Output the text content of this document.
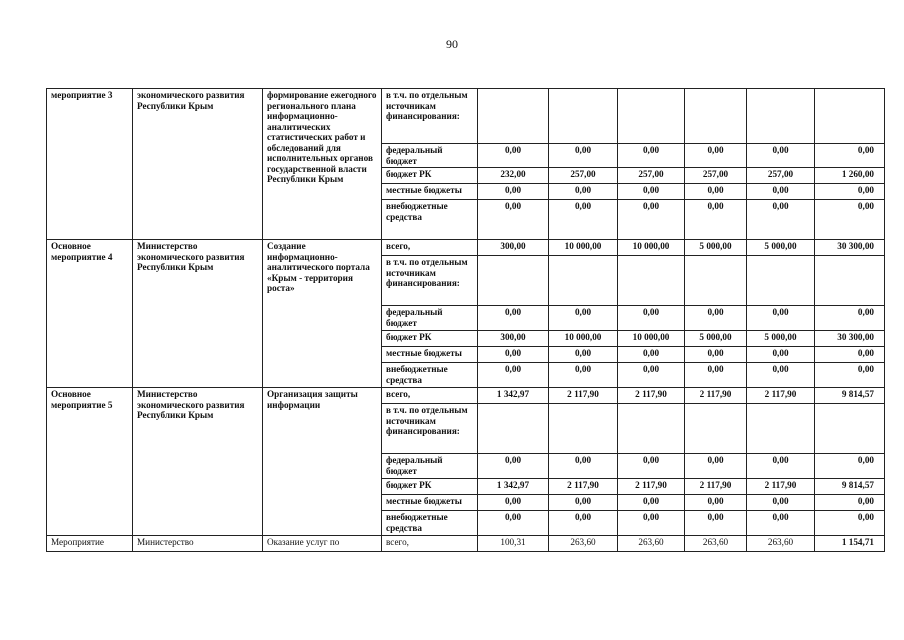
90
мероприятие 3	экономического развития Республики Крым	формирование ежегодного регионального плана информационно-аналитических статистических работ и обследований для исполнительных органов государственной власти Республики Крым	в т.ч. по отдельным источникам финансирования:						
			федеральный бюджет	0,00	0,00	0,00	0,00	0,00	0,00
			бюджет РК	232,00	257,00	257,00	257,00	257,00	1 260,00
			местные бюджеты	0,00	0,00	0,00	0,00	0,00	0,00
			внебюджетные средства	0,00	0,00	0,00	0,00	0,00	0,00
Основное мероприятие 4	Министерство экономического развития Республики Крым	Создание информационно-аналитического портала «Крым - территория роста»	всего,	300,00	10 000,00	10 000,00	5 000,00	5 000,00	30 300,00
			в т.ч. по отдельным источникам финансирования:						
			федеральный бюджет	0,00	0,00	0,00	0,00	0,00	0,00
			бюджет РК	300,00	10 000,00	10 000,00	5 000,00	5 000,00	30 300,00
			местные бюджеты	0,00	0,00	0,00	0,00	0,00	0,00
			внебюджетные средства	0,00	0,00	0,00	0,00	0,00	0,00
Основное мероприятие 5	Министерство экономического развития Республики Крым	Организация защиты информации	всего,	1 342,97	2 117,90	2 117,90	2 117,90	2 117,90	9 814,57
			в т.ч. по отдельным источникам финансирования:						
			федеральный бюджет	0,00	0,00	0,00	0,00	0,00	0,00
			бюджет РК	1 342,97	2 117,90	2 117,90	2 117,90	2 117,90	9 814,57
			местные бюджеты	0,00	0,00	0,00	0,00	0,00	0,00
			внебюджетные средства	0,00	0,00	0,00	0,00	0,00	0,00
Мероприятие	Министерство	Оказание услуг по	всего,	100,31	263,60	263,60	263,60	263,60	1 154,71
